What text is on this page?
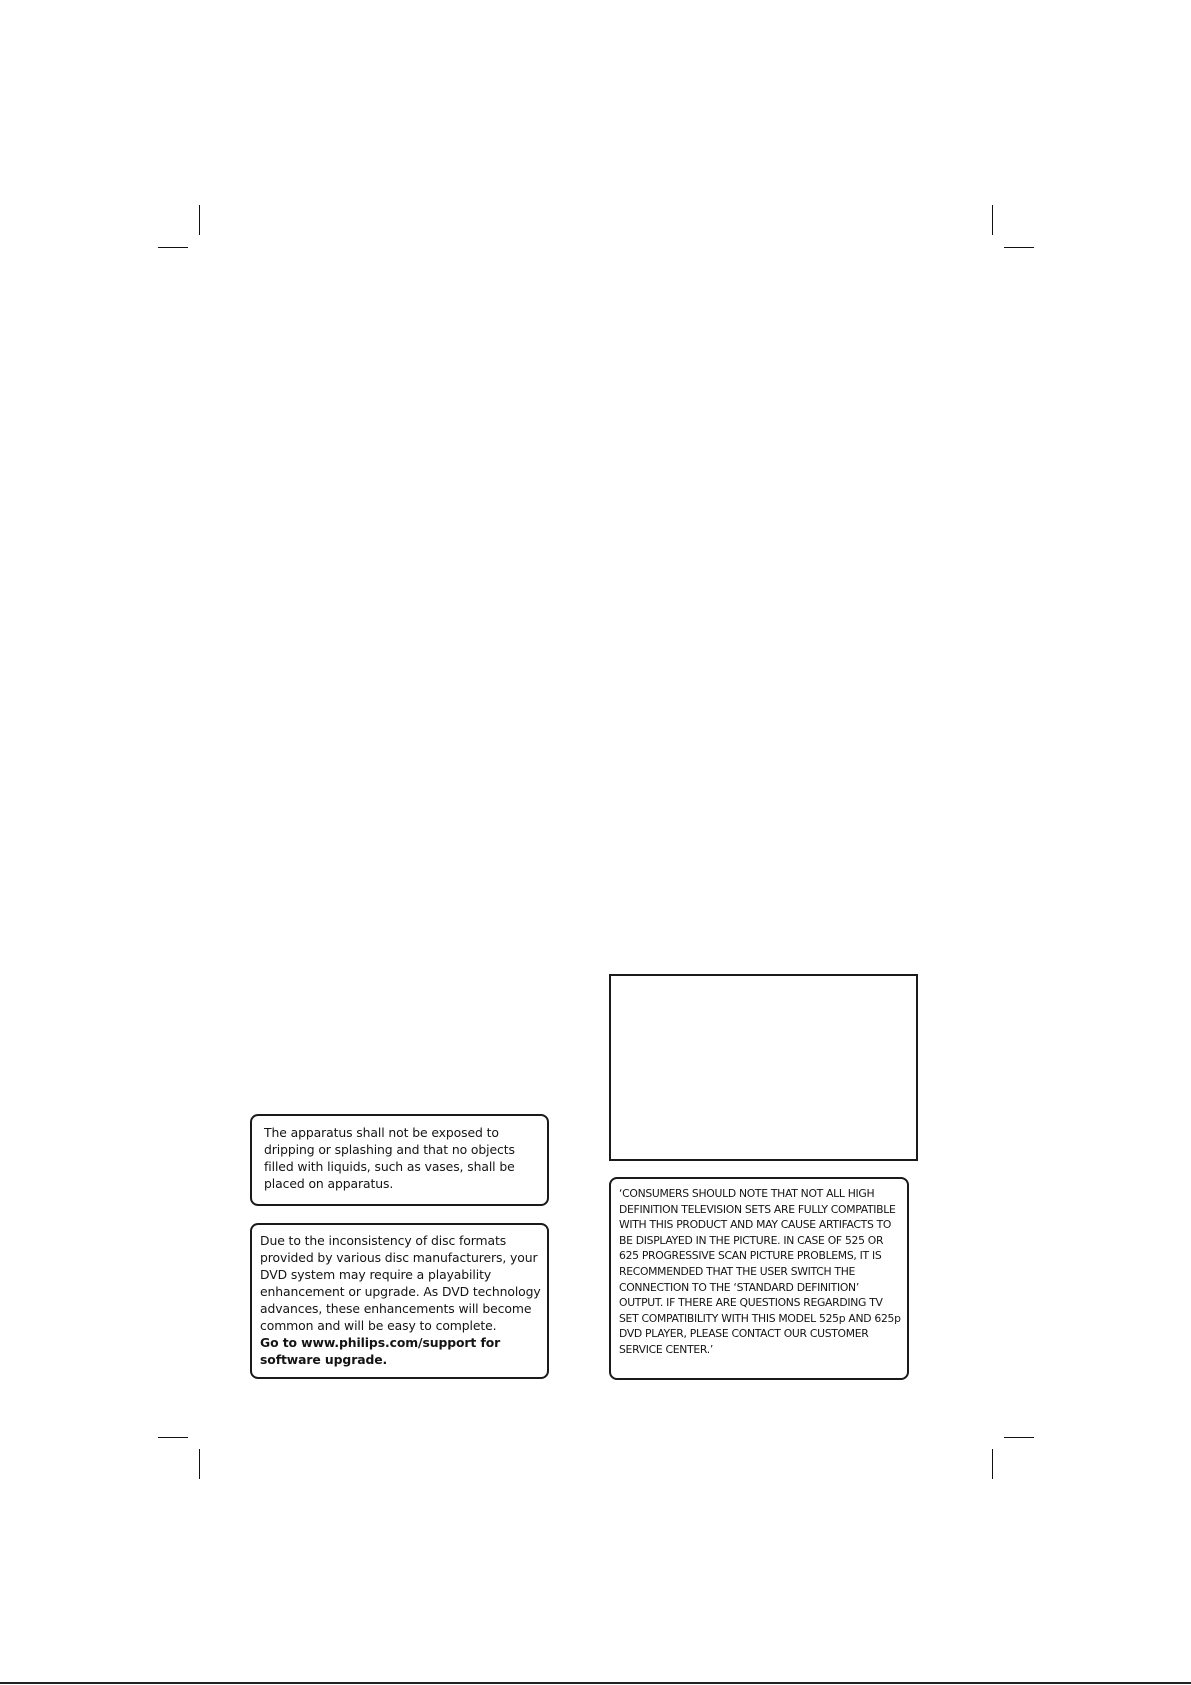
The apparatus shall not be exposed to dripping or splashing and that no objects filled with liquids, such as vases, shall be placed on apparatus.

Due to the inconsistency of disc formats provided by various disc manufacturers, your DVD system may require a playability enhancement or upgrade. As DVD technology advances, these enhancements will become common and will be easy to complete.
Go to www.philips.com/support for software upgrade.

‘CONSUMERS SHOULD NOTE THAT NOT ALL HIGH DEFINITION TELEVISION SETS ARE FULLY COMPATIBLE WITH THIS PRODUCT AND MAY CAUSE ARTIFACTS TO BE DISPLAYED IN THE PICTURE. IN CASE OF 525 OR 625 PROGRESSIVE SCAN PICTURE PROBLEMS, IT IS RECOMMENDED THAT THE USER SWITCH THE CONNECTION TO THE ‘STANDARD DEFINITION’ OUTPUT. IF THERE ARE QUESTIONS REGARDING TV SET COMPATIBILITY WITH THIS MODEL 525p AND 625p DVD PLAYER, PLEASE CONTACT OUR CUSTOMER SERVICE CENTER.’
